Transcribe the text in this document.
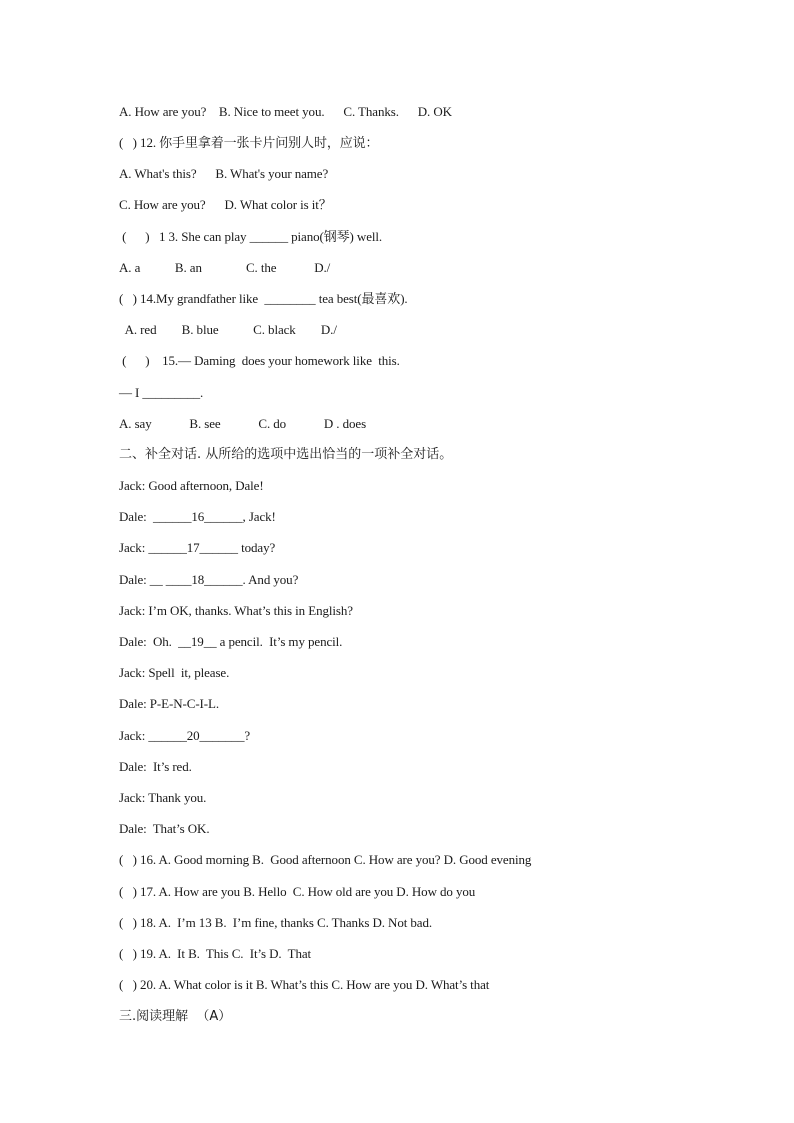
A. How are you?    B. Nice to meet you.      C. Thanks.      D. OK
(   ) 12. 你手里拿着一张卡片问别人时，应说：
A. What's this?      B. What's your name?
C. How are you?      D. What color is it？
(      )   1 3. She can play ______ piano(钢琴) well.
A. a           B. an              C. the            D./
(   ) 14.My grandfather like  ________ tea best(最喜欢).
A. red        B. blue           C. black        D./
(      )    15.— Daming  does your homework like  this.
— I _________.
A. say            B. see            C. do            D . does
二、补全对话. 从所给的选项中选出恰当的一项补全对话。
Jack: Good afternoon, Dale!
Dale:  ______16______, Jack!
Jack: ______17______ today?
Dale: __ ____18______. And you?
Jack: I’m OK, thanks. What’s this in English?
Dale:  Oh.  __19__ a pencil.  It’s my pencil.
Jack: Spell  it, please.
Dale: P-E-N-C-I-L.
Jack: ______20_______?
Dale:  It’s red.
Jack: Thank you.
Dale:  That’s OK.
(   ) 16. A. Good morning B.  Good afternoon C. How are you? D. Good evening
(   ) 17. A. How are you B. Hello  C. How old are you D. How do you
(   ) 18. A.  I’m 13 B.  I’m fine, thanks C. Thanks D. Not bad.
(   ) 19. A.  It B.  This C.  It’s D.  That
(   ) 20. A. What color is it B. What’s this C. How are you D. What’s that
三.阅读理解  （A）
